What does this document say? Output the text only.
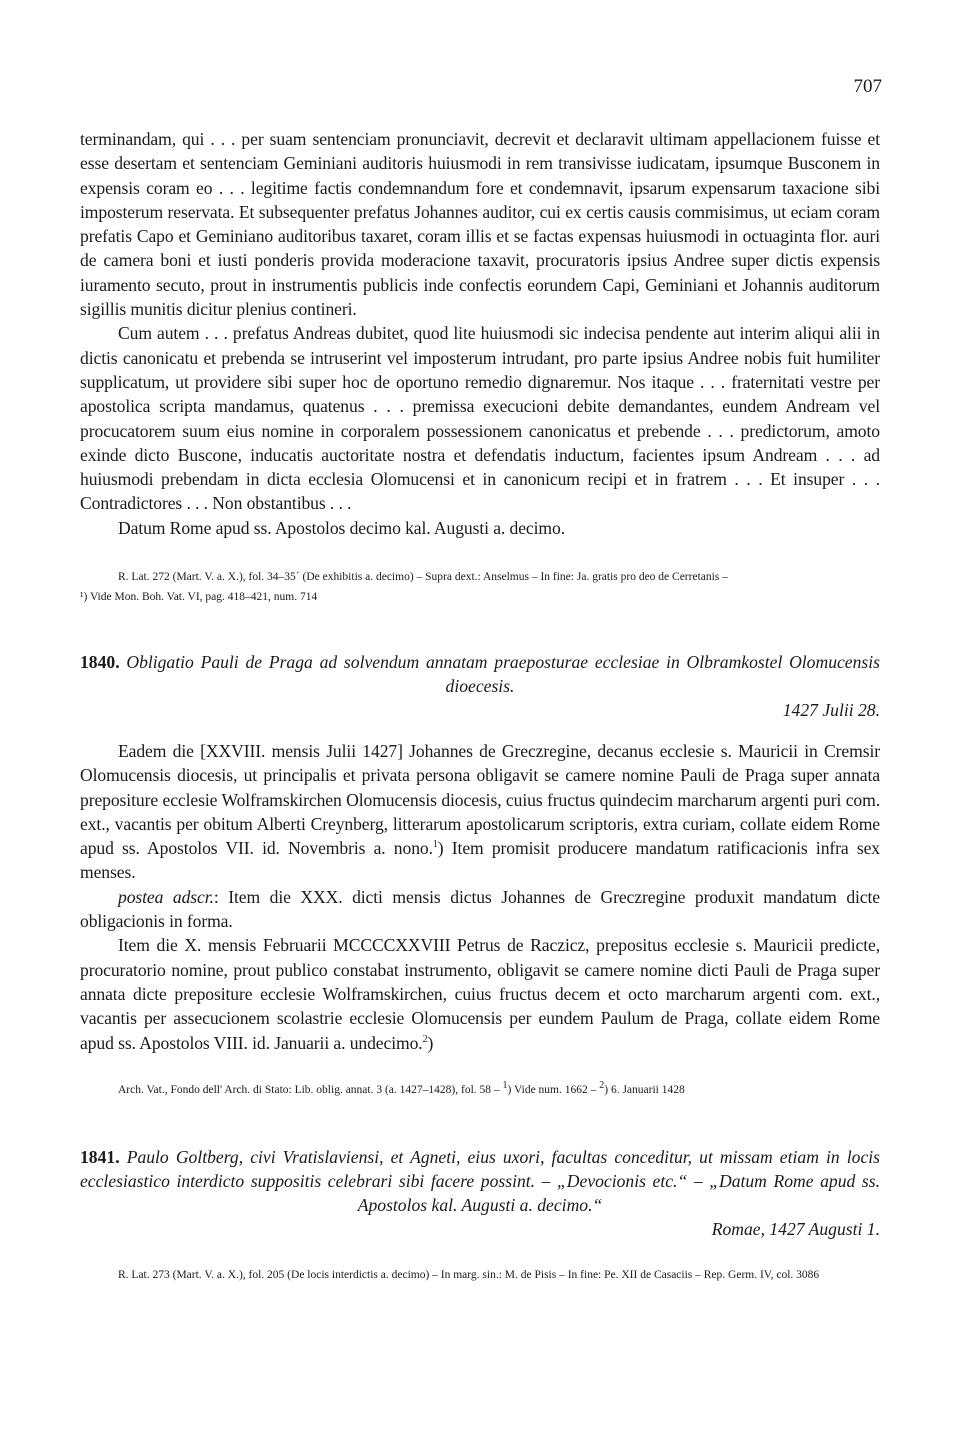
707

terminandam, qui . . . per suam sentenciam pronunciavit, decrevit et declaravit ultimam appellacionem fuisse et esse desertam et sentenciam Geminiani auditoris huiusmodi in rem transivisse iudicatam, ipsumque Busconem in expensis coram eo . . . legitime factis condemnandum fore et condemnavit, ipsarum expensarum taxacione sibi imposterum reservata. Et subsequenter prefatus Johannes auditor, cui ex certis causis commisimus, ut eciam coram prefatis Capo et Geminiano auditoribus taxaret, coram illis et se factas expensas huiusmodi in octuaginta flor. auri de camera boni et iusti ponderis provida moderacione taxavit, procuratoris ipsius Andree super dictis expensis iuramento secuto, prout in instrumentis publicis inde confectis eorundem Capi, Geminiani et Johannis auditorum sigillis munitis dicitur plenius contineri.

Cum autem . . . prefatus Andreas dubitet, quod lite huiusmodi sic indecisa pendente aut interim aliqui alii in dictis canonicatu et prebenda se intruserint vel imposterum intrudant, pro parte ipsius Andree nobis fuit humiliter supplicatum, ut providere sibi super hoc de oportuno remedio dignaremur. Nos itaque . . . fraternitati vestre per apostolica scripta mandamus, quatenus . . . premissa execucioni debite demandantes, eundem Andream vel procucatorem suum eius nomine in corporalem possessionem canonicatus et prebende . . . predictorum, amoto exinde dicto Buscone, inducatis auctoritate nostra et defendatis inductum, facientes ipsum Andream . . . ad huiusmodi prebendam in dicta ecclesia Olomucensi et in canonicum recipi et in fratrem . . . Et insuper . . . Contradictores . . . Non obstantibus . . .

Datum Rome apud ss. Apostolos decimo kal. Augusti a. decimo.

R. Lat. 272 (Mart. V. a. X.), fol. 34–35´ (De exhibitis a. decimo) – Supra dext.: Anselmus – In fine: Ja. gratis pro deo de Cerretanis –

¹) Vide Mon. Boh. Vat. VI, pag. 418–421, num. 714

1840. Obligatio Pauli de Praga ad solvendum annatam praeposturae ecclesiae in Olbramkostel Olomucensis dioecesis.

1427 Julii 28.

Eadem die [XXVIII. mensis Julii 1427] Johannes de Greczregine, decanus ecclesie s. Mauricii in Cremsir Olomucensis diocesis, ut principalis et privata persona obligavit se camere nomine Pauli de Praga super annata prepositure ecclesie Wolframskirchen Olomucensis diocesis, cuius fructus quindecim marcharum argenti puri com. ext., vacantis per obitum Alberti Creynberg, litterarum apostolicarum scriptoris, extra curiam, collate eidem Rome apud ss. Apostolos VII. id. Novembris a. nono.$^1$) Item promisit producere mandatum ratificacionis infra sex menses.

postea adscr.: Item die XXX. dicti mensis dictus Johannes de Greczregine produxit mandatum dicte obligacionis in forma.

Item die X. mensis Februarii MCCCCXXVIII Petrus de Raczicz, prepositus ecclesie s. Mauricii predicte, procuratorio nomine, prout publico constabat instrumento, obligavit se camere nomine dicti Pauli de Praga super annata dicte prepositure ecclesie Wolframskirchen, cuius fructus decem et octo marcharum argenti com. ext., vacantis per assecucionem scolastrie ecclesie Olomucensis per eundem Paulum de Praga, collate eidem Rome apud ss. Apostolos VIII. id. Januarii a. undecimo.$^2$)

Arch. Vat., Fondo dell' Arch. di Stato: Lib. oblig. annat. 3 (a. 1427–1428), fol. 58 – $^1$) Vide num. 1662 – $^2$) 6. Januarii 1428

1841. Paulo Goltberg, civi Vratislaviensi, et Agneti, eius uxori, facultas conceditur, ut missam etiam in locis ecclesiastico interdicto suppositis celebrari sibi facere possint. – „Devocionis etc.“ – „Datum Rome apud ss. Apostolos kal. Augusti a. decimo.“

Romae, 1427 Augusti 1.

R. Lat. 273 (Mart. V. a. X.), fol. 205 (De locis interdictis a. decimo) – In marg. sin.: M. de Pisis – In fine: Pe. XII de Casaciis – Rep. Germ. IV, col. 3086
